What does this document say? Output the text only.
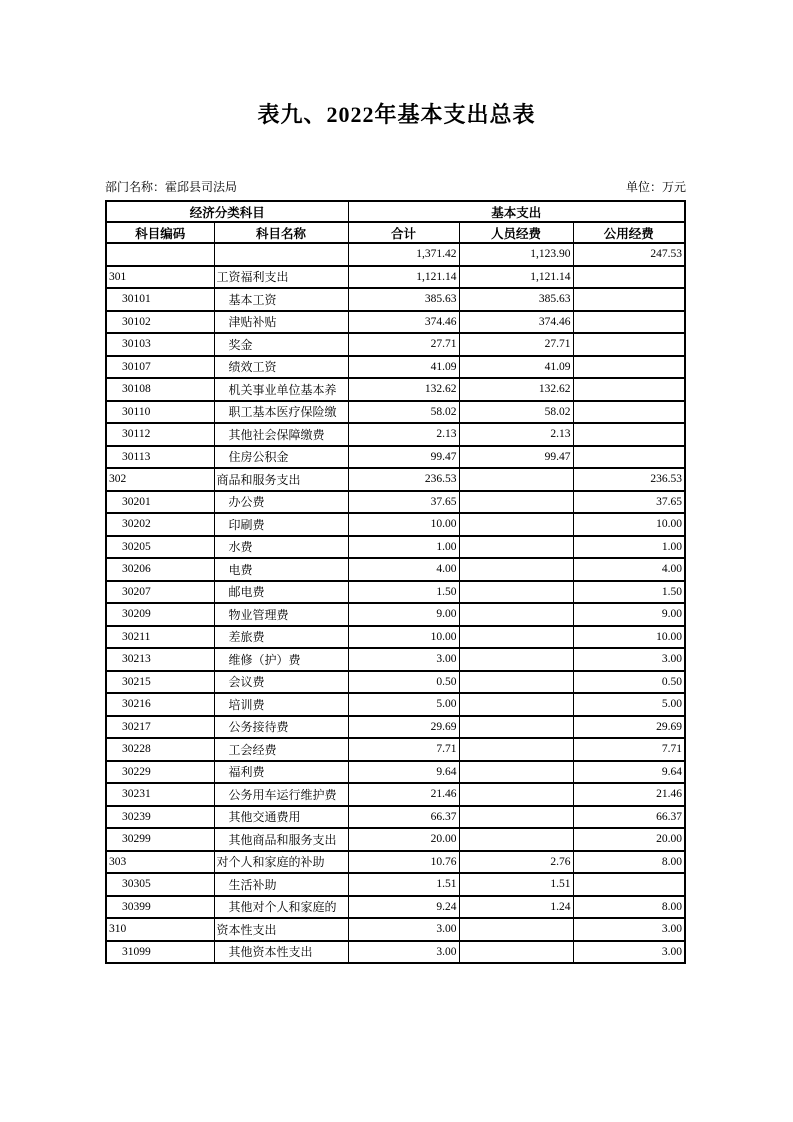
表九、2022年基本支出总表
部门名称：霍邱县司法局	单位：万元
经济分类科目		基本支出		
科目编码	科目名称	合计	人员经费	公用经费
		1,371.42	1,123.90	247.53
301	工资福利支出	1,121.14	1,121.14	
30101	基本工资	385.63	385.63	
30102	津贴补贴	374.46	374.46	
30103	奖金	27.71	27.71	
30107	绩效工资	41.09	41.09	
30108	机关事业单位基本养	132.62	132.62	
30110	职工基本医疗保险缴	58.02	58.02	
30112	其他社会保障缴费	2.13	2.13	
30113	住房公积金	99.47	99.47	
302	商品和服务支出	236.53		236.53
30201	办公费	37.65		37.65
30202	印刷费	10.00		10.00
30205	水费	1.00		1.00
30206	电费	4.00		4.00
30207	邮电费	1.50		1.50
30209	物业管理费	9.00		9.00
30211	差旅费	10.00		10.00
30213	维修（护）费	3.00		3.00
30215	会议费	0.50		0.50
30216	培训费	5.00		5.00
30217	公务接待费	29.69		29.69
30228	工会经费	7.71		7.71
30229	福利费	9.64		9.64
30231	公务用车运行维护费	21.46		21.46
30239	其他交通费用	66.37		66.37
30299	其他商品和服务支出	20.00		20.00
303	对个人和家庭的补助	10.76	2.76	8.00
30305	生活补助	1.51	1.51	
30399	其他对个人和家庭的	9.24	1.24	8.00
310	资本性支出	3.00		3.00
31099	其他资本性支出	3.00		3.00
